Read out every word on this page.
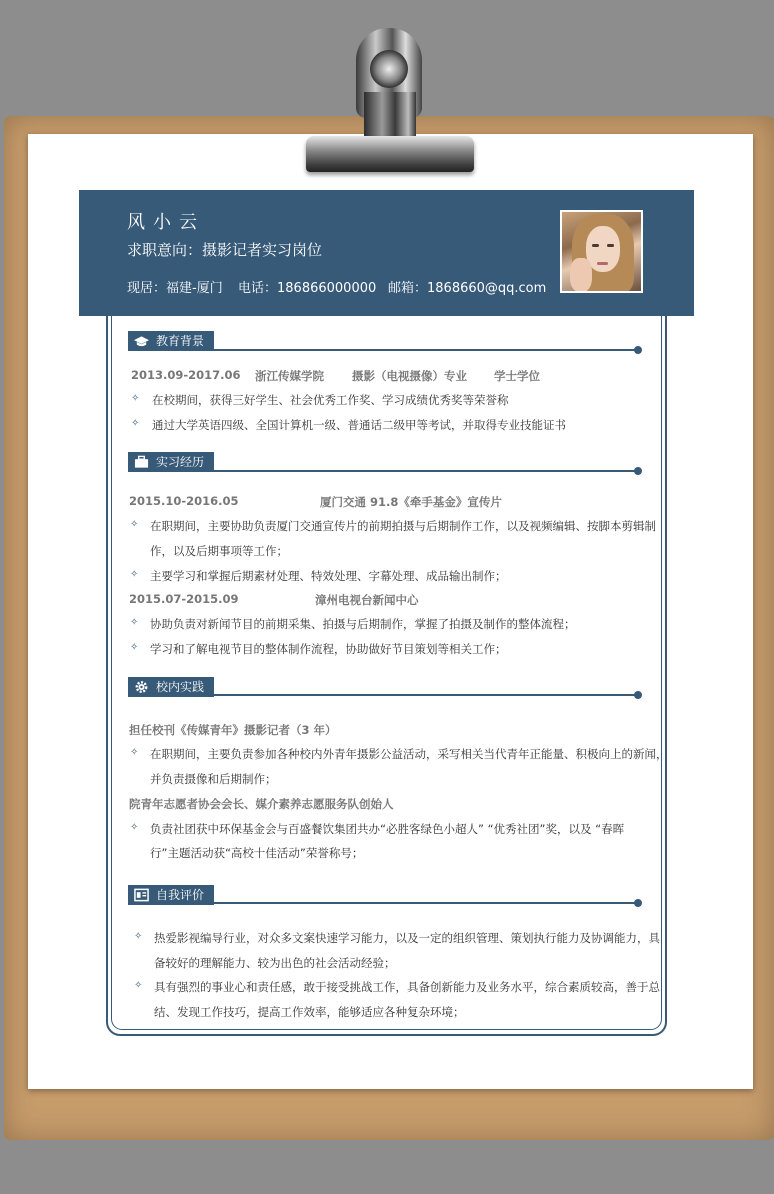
风小云
求职意向：摄影记者实习岗位
现居：福建-厦门 电话：186866000000 邮箱：1868660@qq.com
教育背景
2013.09-2017.06 浙江传媒学院 摄影（电视摄像）专业 学士学位
✧ 在校期间，获得三好学生、社会优秀工作奖、学习成绩优秀奖等荣誉称
✧ 通过大学英语四级、全国计算机一级、普通话二级甲等考试，并取得专业技能证书
实习经历
2015.10-2016.05	厦门交通 91.8《牵手基金》宣传片
✧ 在职期间，主要协助负责厦门交通宣传片的前期拍摄与后期制作工作，以及视频编辑、按脚本剪辑制
作，以及后期事项等工作；
✧ 主要学习和掌握后期素材处理、特效处理、字幕处理、成品输出制作；
2015.07-2015.09	漳州电视台新闻中心
✧ 协助负责对新闻节目的前期采集、拍摄与后期制作，掌握了拍摄及制作的整体流程；
✧ 学习和了解电视节目的整体制作流程，协助做好节目策划等相关工作；
校内实践
担任校刊《传媒青年》摄影记者（3 年）
✧ 在职期间，主要负责参加各种校内外青年摄影公益活动，采写相关当代青年正能量、积极向上的新闻，
并负责摄像和后期制作；
院青年志愿者协会会长、媒介素养志愿服务队创始人
✧ 负责社团获中环保基金会与百盛餐饮集团共办“必胜客绿色小超人” “优秀社团”奖，以及 “春晖
行”主题活动获“高校十佳活动”荣誉称号；
自我评价
✧ 热爱影视编导行业，对众多文案快速学习能力，以及一定的组织管理、策划执行能力及协调能力，具
备较好的理解能力、较为出色的社会活动经验；
✧ 具有强烈的事业心和责任感，敢于接受挑战工作，具备创新能力及业务水平，综合素质较高，善于总
结、发现工作技巧，提高工作效率，能够适应各种复杂环境；
